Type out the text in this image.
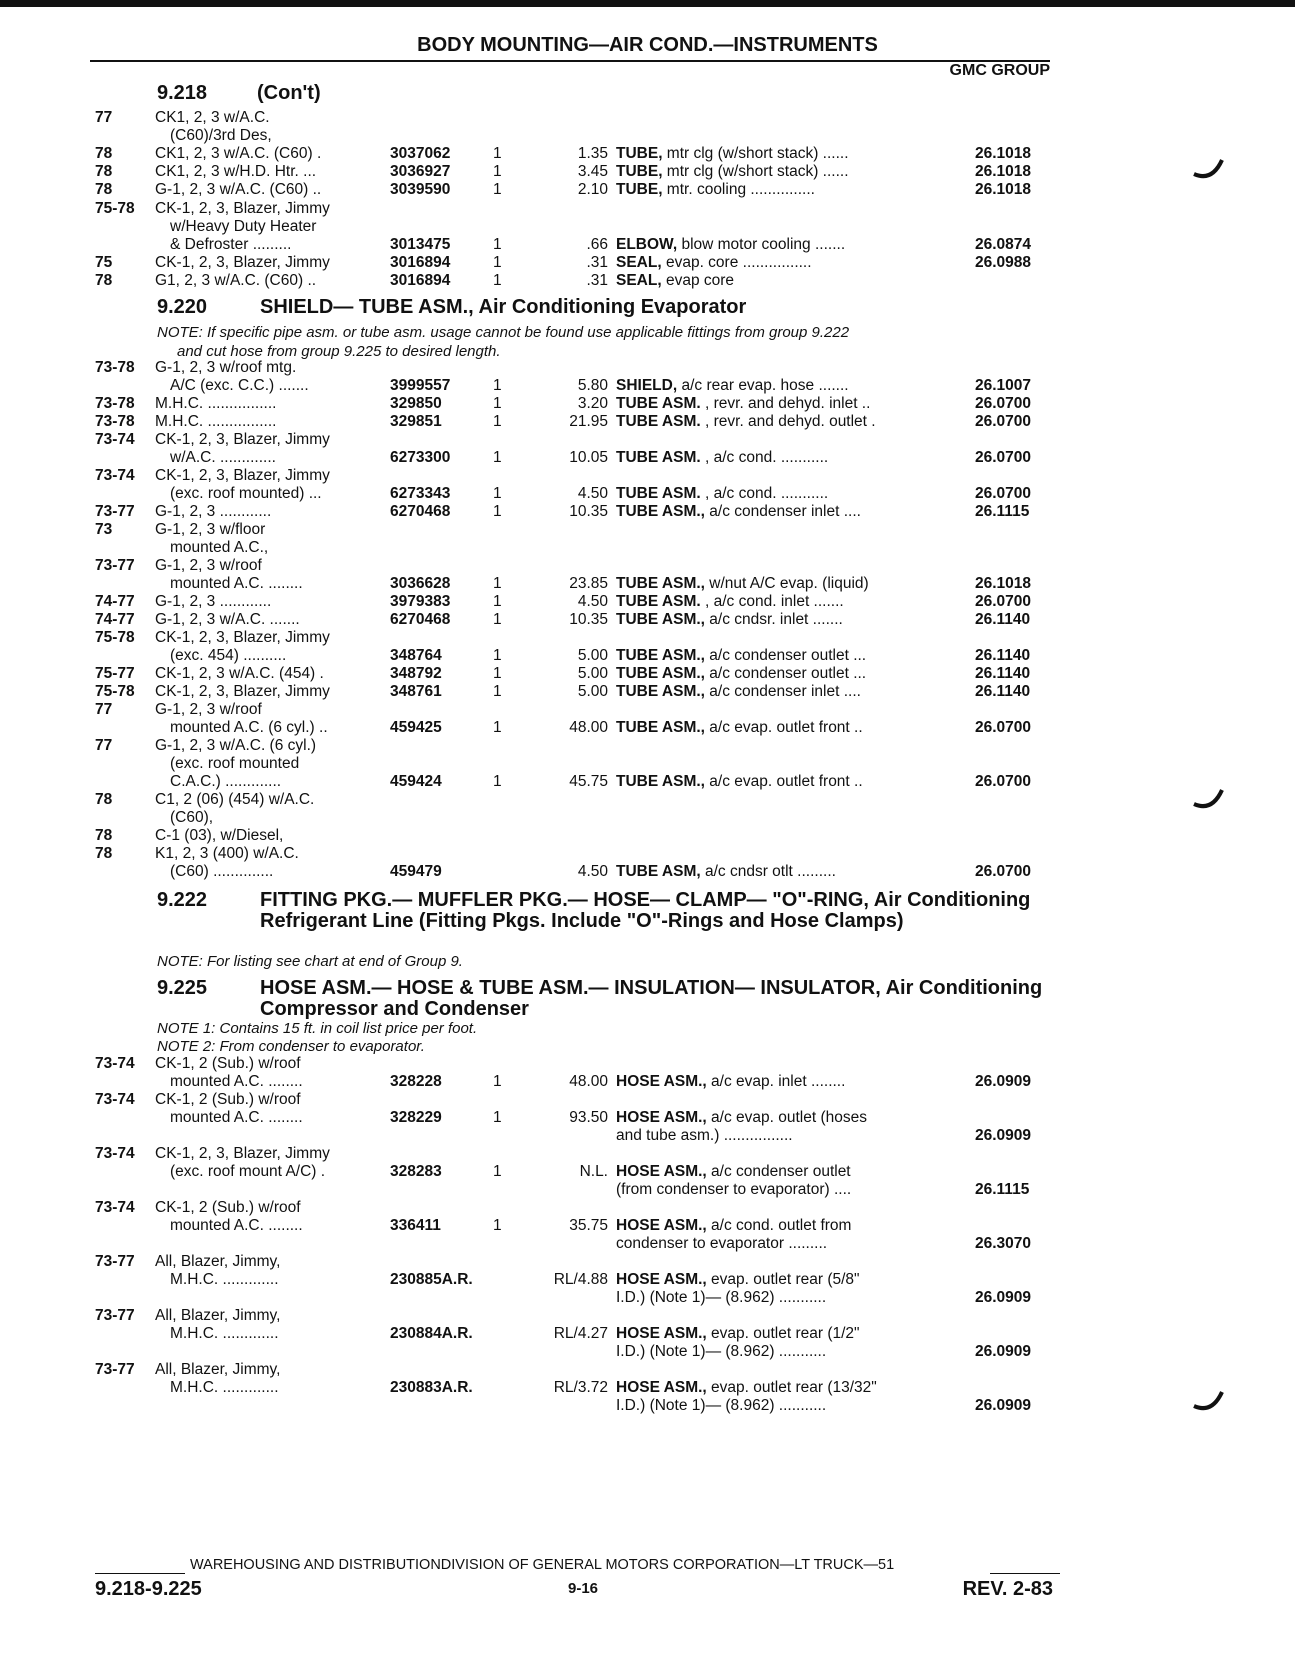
BODY MOUNTING—AIR COND.—INSTRUMENTS
GMC GROUP
9.218 (Con't)
9.220	SHIELD— TUBE ASM., Air Conditioning Evaporator
NOTE: If specific pipe asm. or tube asm. usage cannot be found use applicable fittings from group 9.222
and cut hose from group 9.225 to desired length.
9.222	FITTING PKG.— MUFFLER PKG.— HOSE— CLAMP— "O"-RING, Air Conditioning Refrigerant Line (Fitting Pkgs. Include "O"-Rings and Hose Clamps)
NOTE: For listing see chart at end of Group 9.
9.225	HOSE ASM.— HOSE & TUBE ASM.— INSULATION— INSULATOR, Air Conditioning Compressor and Condenser
NOTE 1: Contains 15 ft. in coil list price per foot.
NOTE 2: From condenser to evaporator.
77	CK1, 2, 3 w/A.C.
(C60)/3rd Des,
78	CK1, 2, 3 w/A.C. (C60) .	3037062	1	1.35 TUBE, mtr clg (w/short stack) ......	26.1018
78	CK1, 2, 3 w/H.D. Htr. ...	3036927	1	3.45 TUBE, mtr clg (w/short stack) ......	26.1018
78	G-1, 2, 3 w/A.C. (C60) ..	3039590	1	2.10 TUBE, mtr. cooling ...............	26.1018
75-78 CK-1, 2, 3, Blazer, Jimmy
w/Heavy Duty Heater
& Defroster .........	3013475	1	.66 ELBOW, blow motor cooling .......	26.0874
75	CK-1, 2, 3, Blazer, Jimmy	3016894	1	.31 SEAL, evap. core ................	26.0988
78	G1, 2, 3 w/A.C. (C60) ..	3016894	1	.31 SEAL, evap core
73-78 G-1, 2, 3 w/roof mtg.
A/C (exc. C.C.) .......	3999557	1	5.80 SHIELD, a/c rear evap. hose .......	26.1007
73-78 M.H.C. ................	329850	1	3.20 TUBE ASM. , revr. and dehyd. inlet ..	26.0700
73-78 M.H.C. ................	329851	1	21.95 TUBE ASM. , revr. and dehyd. outlet .	26.0700
73-74 CK-1, 2, 3, Blazer, Jimmy
w/A.C. .............	6273300	1	10.05 TUBE ASM. , a/c cond. ...........	26.0700
73-74 CK-1, 2, 3, Blazer, Jimmy
(exc. roof mounted) ...	6273343	1	4.50 TUBE ASM. , a/c cond. ...........	26.0700
73-77 G-1, 2, 3 ............	6270468	1	10.35 TUBE ASM., a/c condenser inlet ....	26.1115
73	G-1, 2, 3 w/floor
mounted A.C.,
73-77 G-1, 2, 3 w/roof
mounted A.C. ........	3036628	1	23.85 TUBE ASM., w/nut A/C evap. (liquid)	26.1018
74-77 G-1, 2, 3 ............	3979383	1	4.50 TUBE ASM. , a/c cond. inlet .......	26.0700
74-77 G-1, 2, 3 w/A.C. .......	6270468	1	10.35 TUBE ASM., a/c cndsr. inlet .......	26.1140
75-78 CK-1, 2, 3, Blazer, Jimmy
(exc. 454) ..........	348764	1	5.00 TUBE ASM., a/c condenser outlet ...	26.1140
75-77 CK-1, 2, 3 w/A.C. (454) .	348792	1	5.00 TUBE ASM., a/c condenser outlet ...	26.1140
75-78 CK-1, 2, 3, Blazer, Jimmy	348761	1	5.00 TUBE ASM., a/c condenser inlet ....	26.1140
77	G-1, 2, 3 w/roof
mounted A.C. (6 cyl.) ..	459425	1	48.00 TUBE ASM., a/c evap. outlet front ..	26.0700
77	G-1, 2, 3 w/A.C. (6 cyl.)
(exc. roof mounted
C.A.C.) .............	459424	1	45.75 TUBE ASM., a/c evap. outlet front ..	26.0700
78	C1, 2 (06) (454) w/A.C.
(C60),
78	C-1 (03), w/Diesel,
78	K1, 2, 3 (400) w/A.C.
(C60) ..............	459479	4.50 TUBE ASM, a/c cndsr otlt .........	26.0700
73-74 CK-1, 2 (Sub.) w/roof
mounted A.C. ........	328228	1	48.00 HOSE ASM., a/c evap. inlet ........	26.0909
73-74 CK-1, 2 (Sub.) w/roof
mounted A.C. ........	328229	1	93.50 HOSE ASM., a/c evap. outlet (hoses
and tube asm.) ................	26.0909
73-74 CK-1, 2, 3, Blazer, Jimmy
(exc. roof mount A/C) .	328283	1	N.L. HOSE ASM., a/c condenser outlet
(from condenser to evaporator) ....	26.1115
73-74 CK-1, 2 (Sub.) w/roof
mounted A.C. ........	336411	1	35.75 HOSE ASM., a/c cond. outlet from
condenser to evaporator .........	26.3070
73-77 All, Blazer, Jimmy,
M.H.C. .............	230885A.R.	RL/4.88 HOSE ASM., evap. outlet rear (5/8"
I.D.) (Note 1)— (8.962) ...........	26.0909
73-77 All, Blazer, Jimmy,
M.H.C. .............	230884A.R.	RL/4.27 HOSE ASM., evap. outlet rear (1/2"
I.D.) (Note 1)— (8.962) ...........	26.0909
73-77 All, Blazer, Jimmy,
M.H.C. .............	230883A.R.	RL/3.72 HOSE ASM., evap. outlet rear (13/32"
I.D.) (Note 1)— (8.962) ...........	26.0909
WAREHOUSING AND DISTRIBUTIONDIVISION OF GENERAL MOTORS CORPORATION—LT TRUCK—51
9.218-9.225	9-16	REV. 2-83
